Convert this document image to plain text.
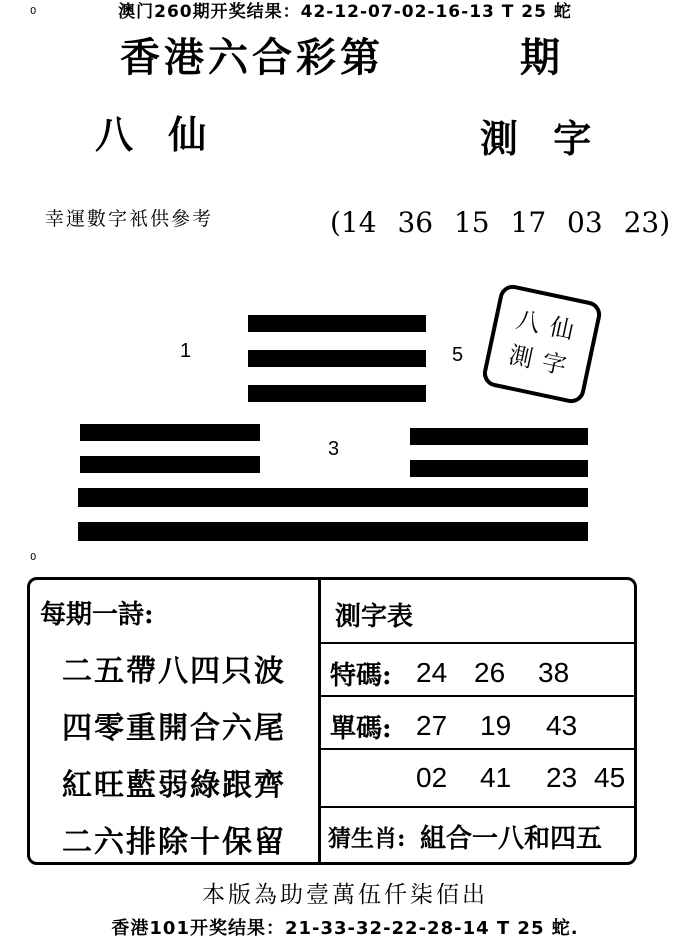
0	澳门260期开奖结果：42-12-07-02-16-13 T 25 蛇
香港六合彩第	期
八 仙	測 字
幸運數字衹供參考	(14 36 15 17 03 23)
1	5
3
八 仙
測 字
0
每期一詩:
二五帶八四只波
四零重開合六尾
紅旺藍弱綠跟齊
二六排除十保留
測字表
特碼: 24 26 38
單碼: 27 19 43
02 41 23 45
猜生肖: 組合一八和四五
本版為助壹萬伍仟柒佰出
香港101开奖结果：21-33-32-22-28-14 T 25 蛇.
